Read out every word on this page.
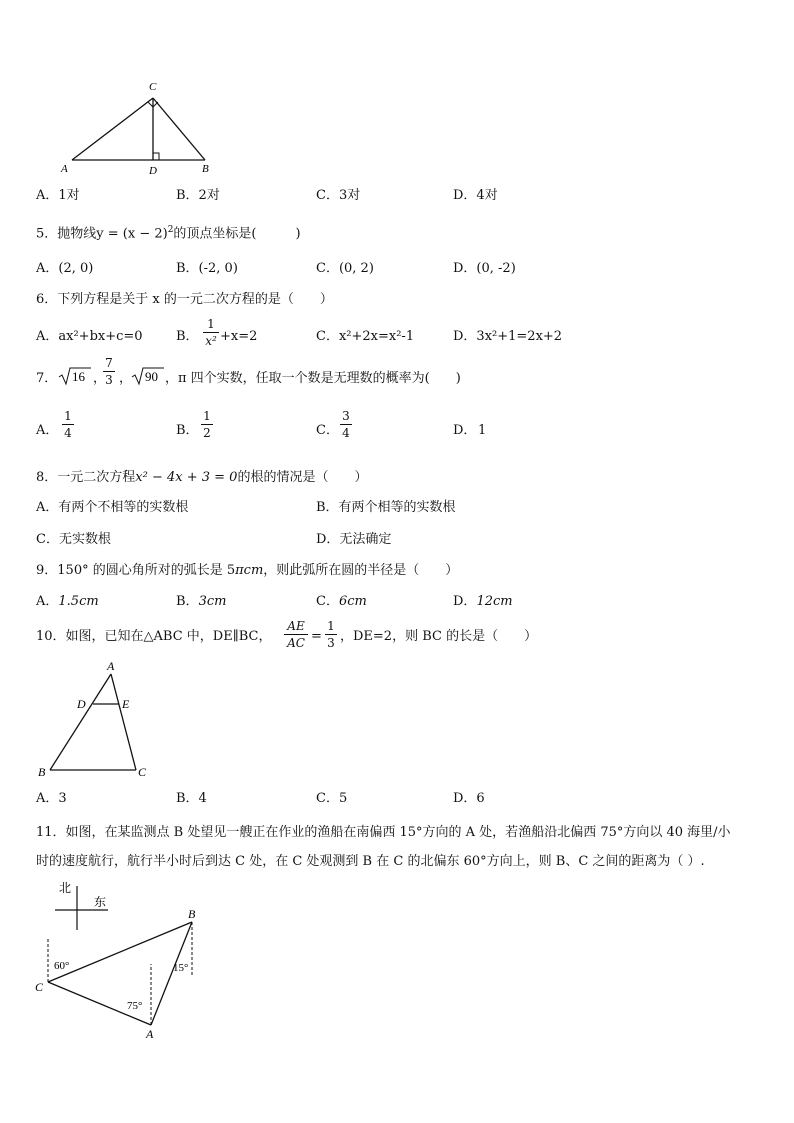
C
A	D	B
A．1对	B．2对	C．3对	D．4对
5．抛物线$y = (x - 2)^2$的顶点坐标是(　　　)
A．(2, 0)	B．(-2, 0)	C．(0, 2)	D．(0, -2)
6．下列方程是关于 x 的一元二次方程的是（　　）
A．ax²+bx+c=0	B．
1
x² +x=2	C．x²+2x=x²-1	D．3x²+1=2x+2
7． 16 ，
7
3 ， 90 ，π 四个实数，任取一个数是无理数的概率为(　　)
A．
1
4	B．
1
2	C．
3
4	D． 1
8．一元二次方程x² − 4x + 3 = 0的根的情况是（　　）
A．有两个不相等的实数根	B．有两个相等的实数根
C．无实数根	D．无法确定
9．150° 的圆心角所对的弧长是 5πcm，则此弧所在圆的半径是（　　）
A．1.5cm	B．3cm	C．6cm	D．12cm
10．如图，已知在△ABC 中，DE∥BC，
AE
AC =
1
3 ，DE=2，则 BC 的长是（　　）
A
D	E
B	C
A．3	B．4	C．5	D．6
11．如图，在某监测点 B 处望见一艘正在作业的渔船在南偏西 15°方向的 A 处，若渔船沿北偏西 75°方向以 40 海里/小
时的速度航行，航行半小时后到达 C 处，在 C 处观测到 B 在 C 的北偏东 60°方向上，则 B、C 之间的距离为（ ）.
北
东
B
C
A
60°	15°
75°
